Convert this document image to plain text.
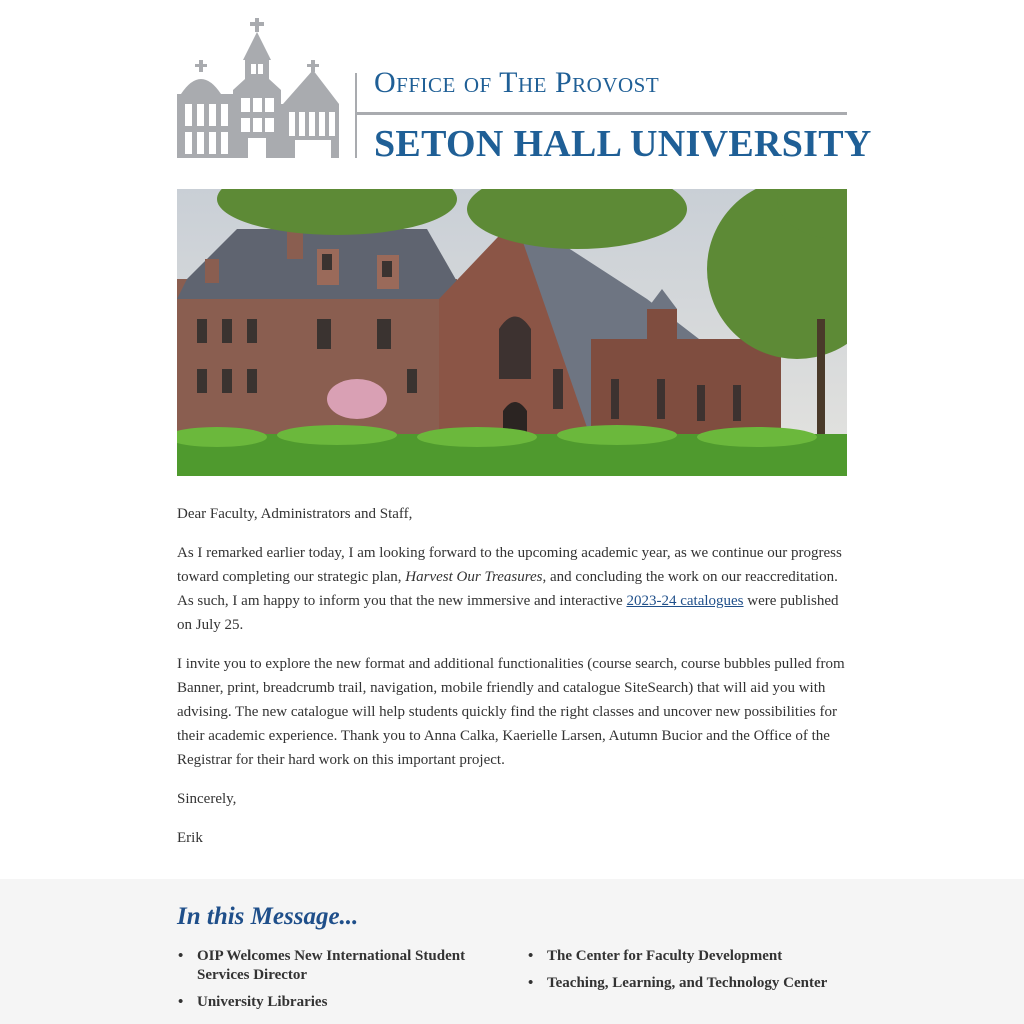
Office of The Provost
SETON HALL UNIVERSITY

Dear Faculty, Administrators and Staff,

As I remarked earlier today, I am looking forward to the upcoming academic year, as we continue our progress toward completing our strategic plan, Harvest Our Treasures, and concluding the work on our reaccreditation. As such, I am happy to inform you that the new immersive and interactive 2023-24 catalogues were published on July 25.

I invite you to explore the new format and additional functionalities (course search, course bubbles pulled from Banner, print, breadcrumb trail, navigation, mobile friendly and catalogue SiteSearch) that will aid you with advising. The new catalogue will help students quickly find the right classes and uncover new possibilities for their academic experience. Thank you to Anna Calka, Kaerielle Larsen, Autumn Bucior and the Office of the Registrar for their hard work on this important project.

Sincerely,

Erik

In this Message...
• OIP Welcomes New International Student Services Director
• University Libraries
• The Center for Faculty Development
• Teaching, Learning, and Technology Center
